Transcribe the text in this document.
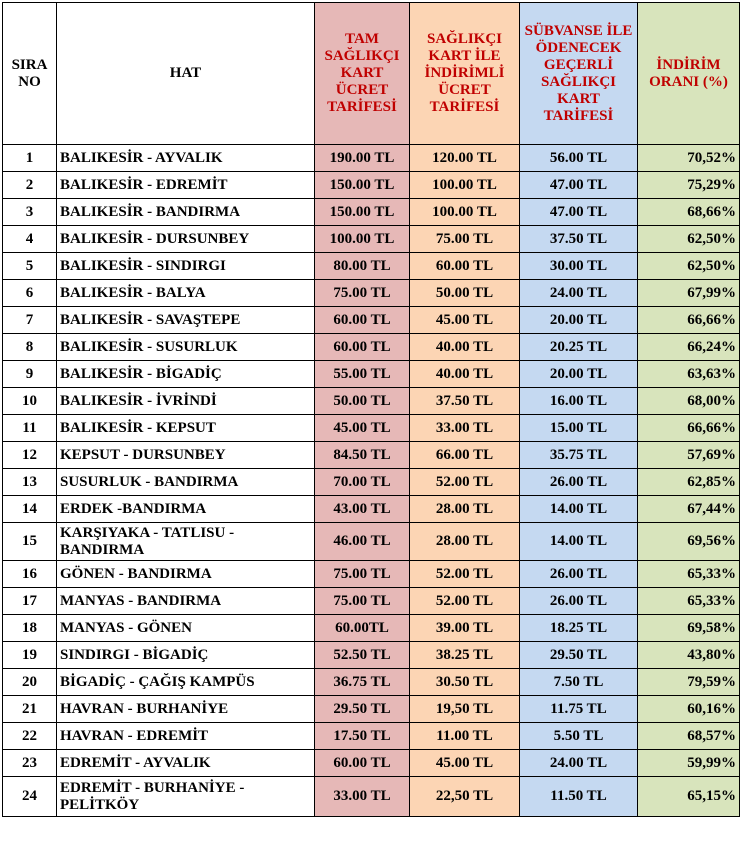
SIRA NO	HAT	TAM SAĞLIKÇI KART ÜCRET TARİFESİ	SAĞLIKÇI KART İLE İNDİRİMLİ ÜCRET TARİFESİ	SÜBVANSE İLE ÖDENECEK GEÇERLİ SAĞLIKÇI KART TARİFESİ	İNDİRİM ORANI (%)
1	BALIKESİR - AYVALIK	190.00 TL	120.00 TL	56.00 TL	70,52%
2	BALIKESİR - EDREMİT	150.00 TL	100.00 TL	47.00 TL	75,29%
3	BALIKESİR - BANDIRMA	150.00 TL	100.00 TL	47.00 TL	68,66%
4	BALIKESİR - DURSUNBEY	100.00 TL	75.00 TL	37.50 TL	62,50%
5	BALIKESİR - SINDIRGI	80.00 TL	60.00 TL	30.00 TL	62,50%
6	BALIKESİR - BALYA	75.00 TL	50.00 TL	24.00 TL	67,99%
7	BALIKESİR - SAVAŞTEPE	60.00 TL	45.00 TL	20.00 TL	66,66%
8	BALIKESİR - SUSURLUK	60.00 TL	40.00 TL	20.25 TL	66,24%
9	BALIKESİR - BİGADİÇ	55.00 TL	40.00 TL	20.00 TL	63,63%
10	BALIKESİR - İVRİNDİ	50.00 TL	37.50 TL	16.00 TL	68,00%
11	BALIKESİR - KEPSUT	45.00 TL	33.00 TL	15.00 TL	66,66%
12	KEPSUT - DURSUNBEY	84.50 TL	66.00 TL	35.75 TL	57,69%
13	SUSURLUK - BANDIRMA	70.00 TL	52.00 TL	26.00 TL	62,85%
14	ERDEK -BANDIRMA	43.00 TL	28.00 TL	14.00 TL	67,44%
15	KARŞIYAKA - TATLISU - BANDIRMA	46.00 TL	28.00 TL	14.00 TL	69,56%
16	GÖNEN - BANDIRMA	75.00 TL	52.00 TL	26.00 TL	65,33%
17	MANYAS - BANDIRMA	75.00 TL	52.00 TL	26.00 TL	65,33%
18	MANYAS - GÖNEN	60.00TL	39.00 TL	18.25 TL	69,58%
19	SINDIRGI - BİGADİÇ	52.50 TL	38.25 TL	29.50 TL	43,80%
20	BİGADİÇ - ÇAĞIŞ KAMPÜS	36.75 TL	30.50 TL	7.50 TL	79,59%
21	HAVRAN - BURHANİYE	29.50 TL	19,50 TL	11.75 TL	60,16%
22	HAVRAN - EDREMİT	17.50 TL	11.00 TL	5.50 TL	68,57%
23	EDREMİT - AYVALIK	60.00 TL	45.00 TL	24.00 TL	59,99%
24	EDREMİT - BURHANİYE - PELİTKÖY	33.00 TL	22,50 TL	11.50 TL	65,15%
